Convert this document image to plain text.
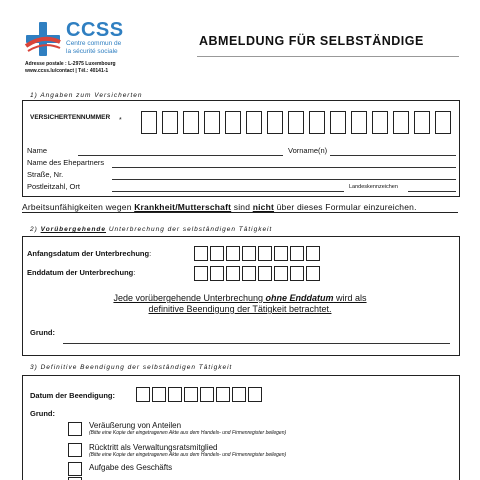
CCSS
Centre commun de
la sécurité sociale
Adresse postale : L-2975 Luxembourg
www.ccss.lu/contact | Tél.: 40141-1
ABMELDUNG FÜR SELBSTÄNDIGE
1) Angaben zum Versicherten
VERSICHERTENNUMMER *
Name	Vorname(n)
Name des Ehepartners
Straße, Nr.
Postleitzahl, Ort	Landeskennzeichen
Arbeitsunfähigkeiten wegen Krankheit/Mutterschaft sind nicht über dieses Formular einzureichen.
2) Vorübergehende Unterbrechung der selbständigen Tätigkeit
Anfangsdatum der Unterbrechung:
Enddatum der Unterbrechung:
Jede vorübergehende Unterbrechung ohne Enddatum wird als
definitive Beendigung der Tätigkeit betrachtet.
Grund:
3) Definitive Beendigung der selbständigen Tätigkeit
Datum der Beendigung:
Grund:
Veräußerung von Anteilen
(Bitte eine Kopie der eingetragenen Akte aus dem Handels- und Firmenregister beilegen)
Rücktritt als Verwaltungsratsmitglied
(Bitte eine Kopie der eingetragenen Akte aus dem Handels- und Firmenregister beilegen)
Aufgabe des Geschäfts
